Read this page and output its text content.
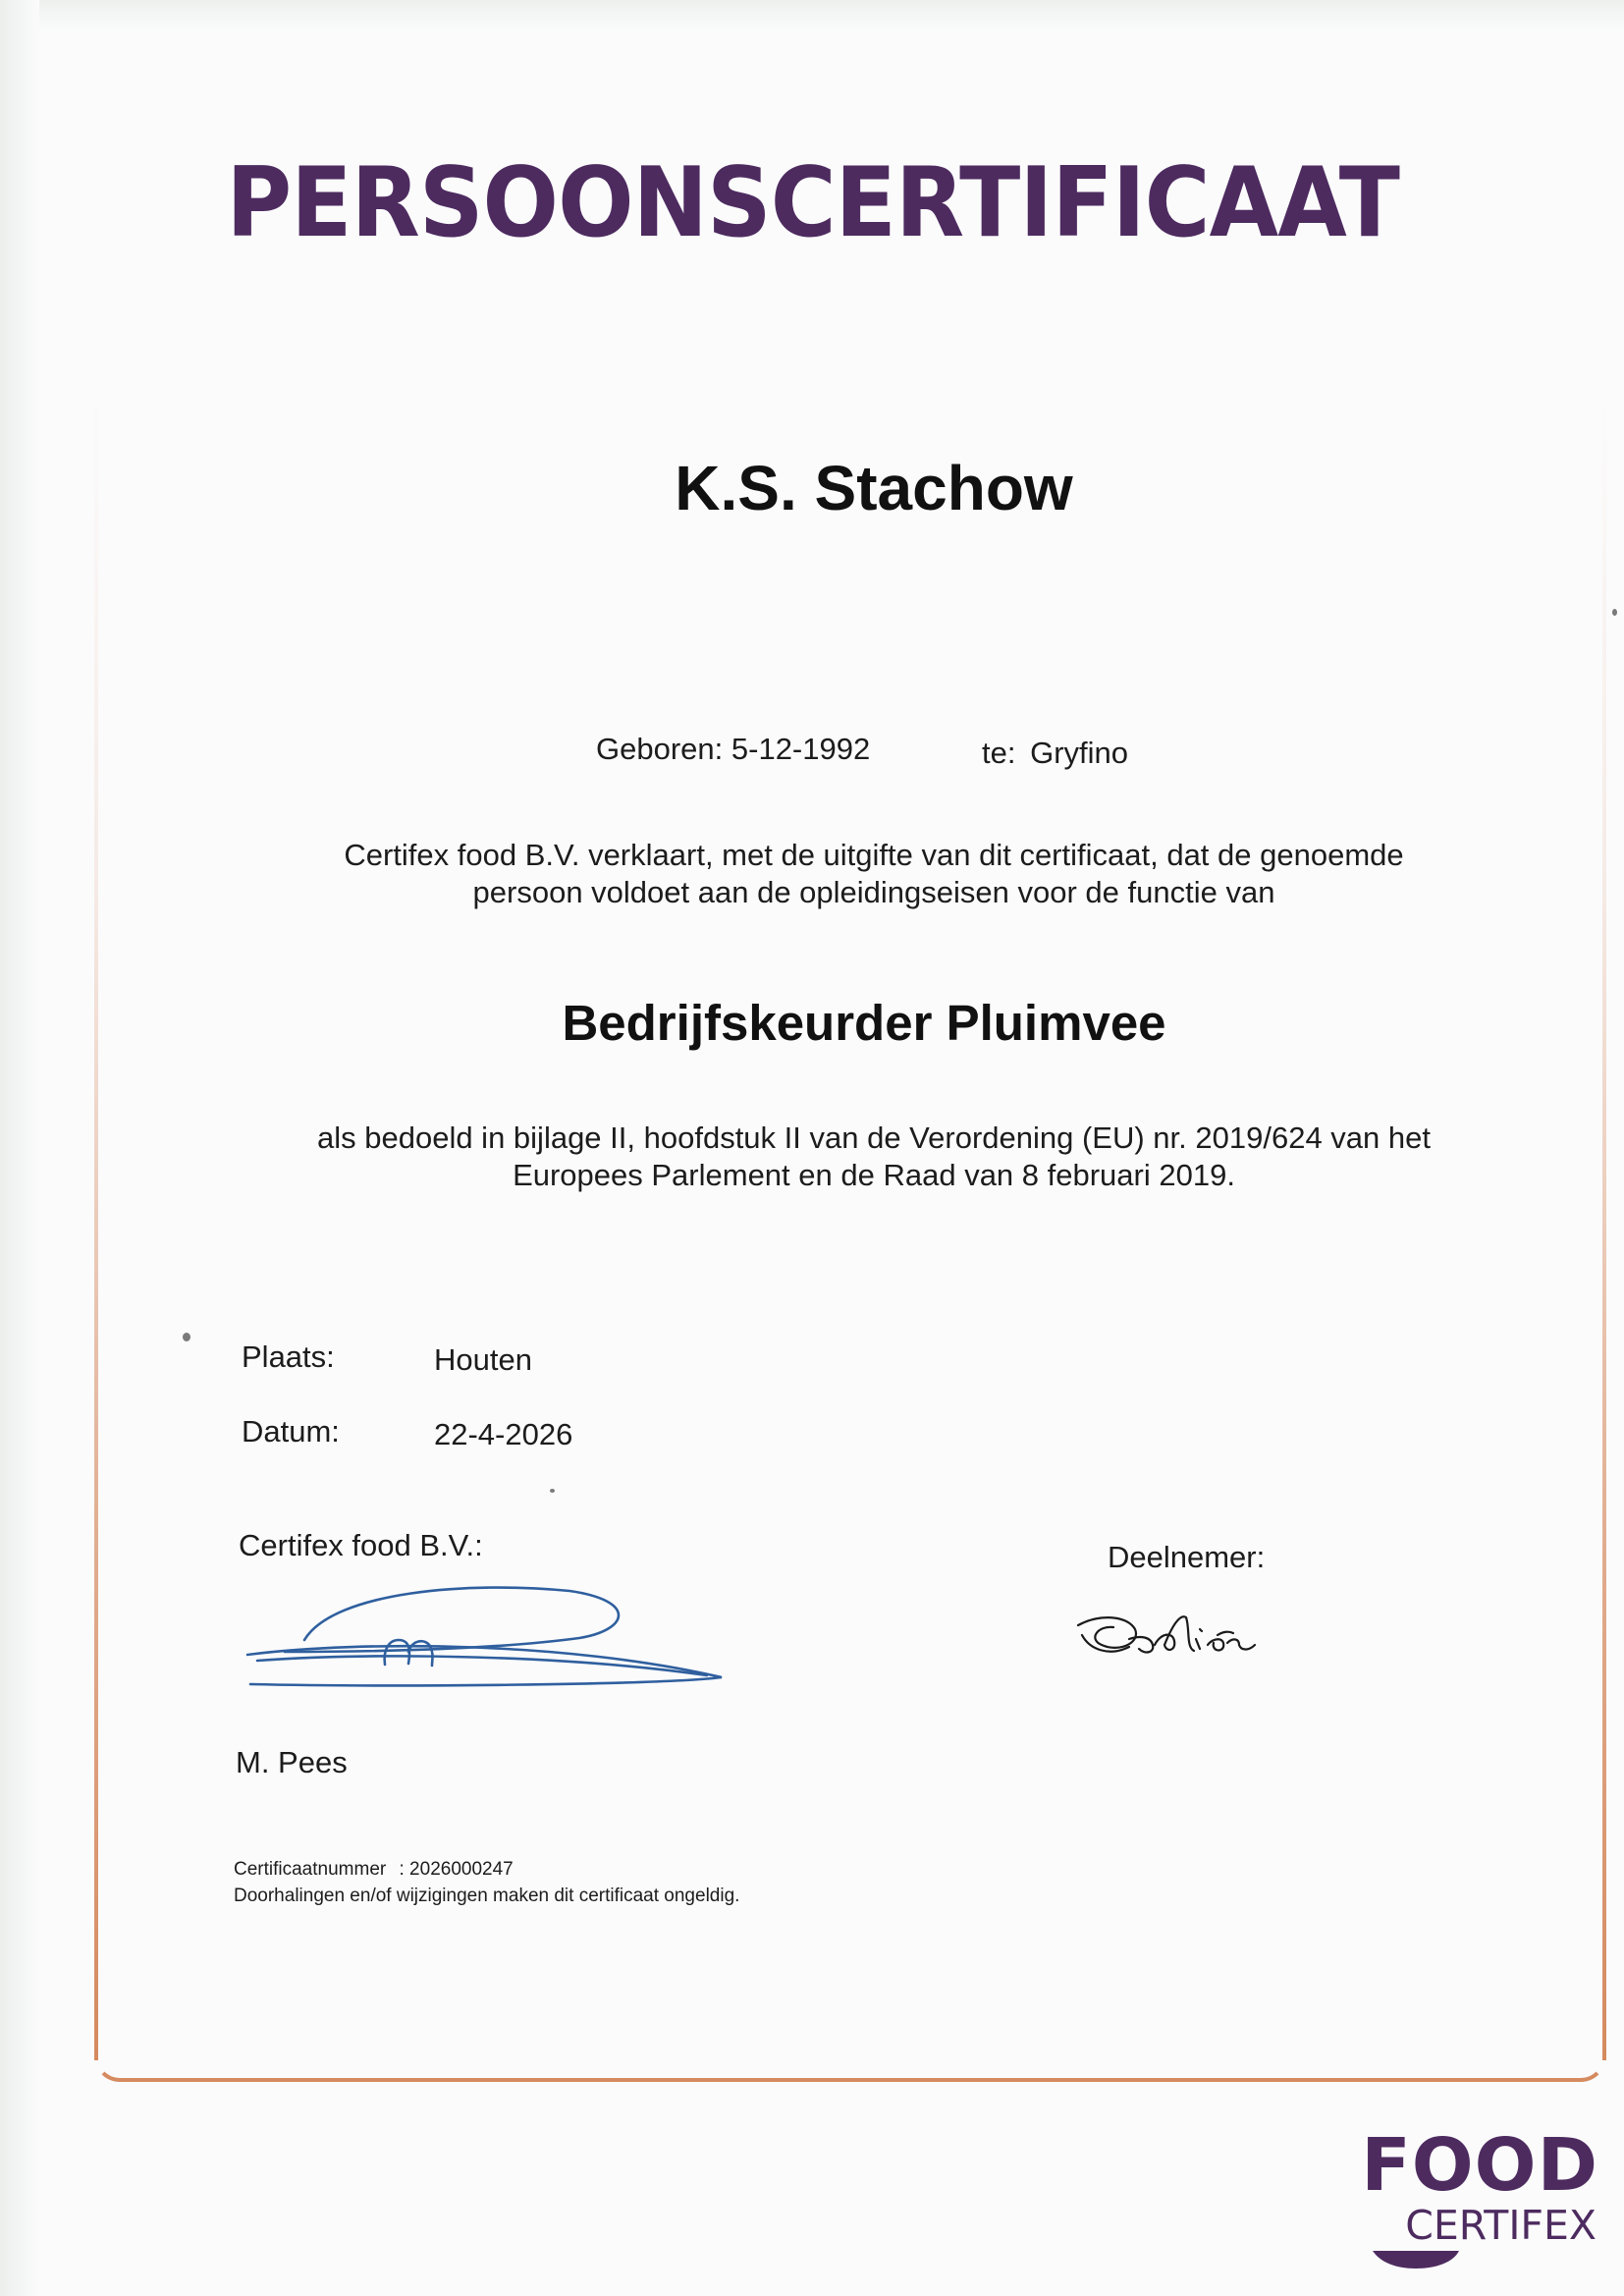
PERSOONSCERTIFICAAT
K.S. Stachow
Geboren: 5-12-1992	te: Gryfino
Certifex food B.V. verklaart, met de uitgifte van dit certificaat, dat de genoemde
persoon voldoet aan de opleidingseisen voor de functie van
Bedrijfskeurder Pluimvee
als bedoeld in bijlage II, hoofdstuk II van de Verordening (EU) nr. 2019/624 van het
Europees Parlement en de Raad van 8 februari 2019.
Plaats:	Houten
Datum:	22-4-2026
Certifex food B.V.:	Deelnemer:
M. Pees
Certificaatnummer : 2026000247
Doorhalingen en/of wijzigingen maken dit certificaat ongeldig.
FOOD
CERTIFEX
